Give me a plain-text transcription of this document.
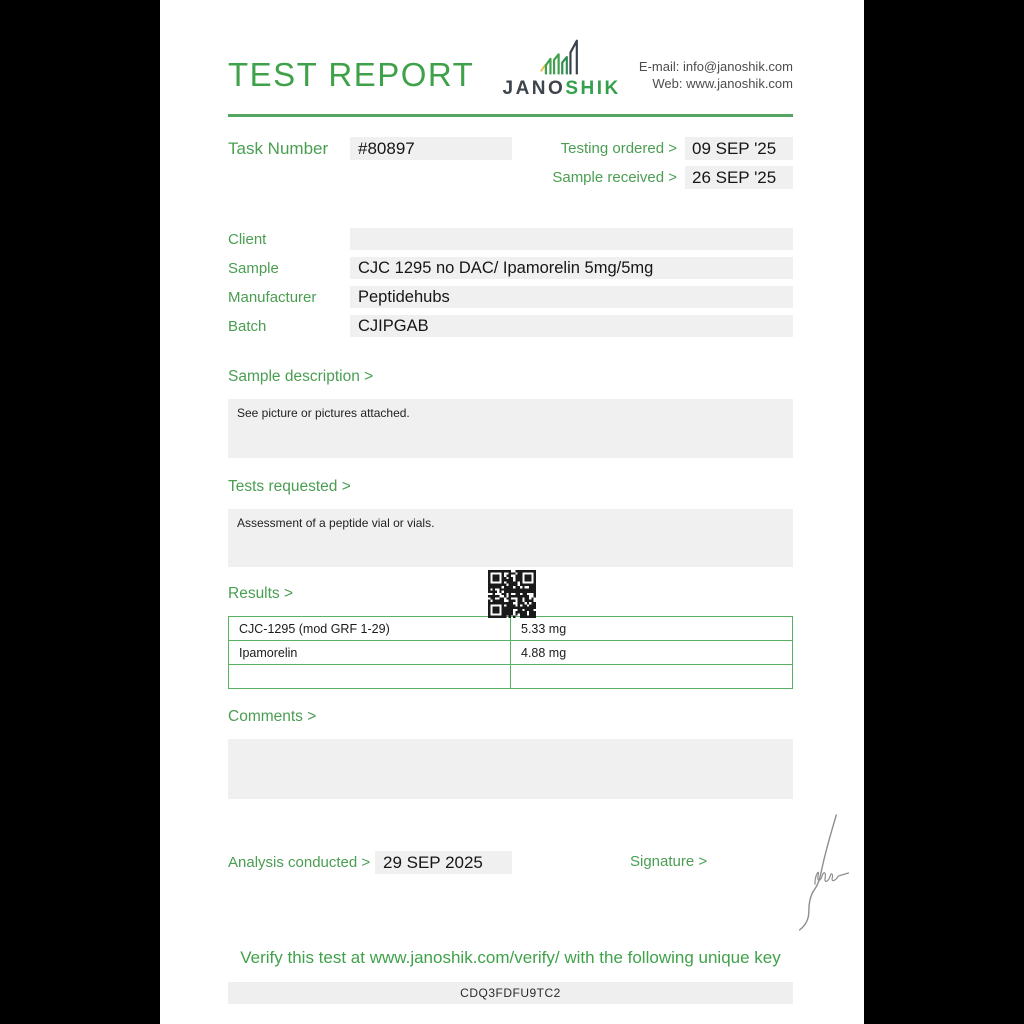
TEST REPORT JANOSHIK
E-mail: info@janoshik.com
Web: www.janoshik.com
Task Number	#80897	Testing ordered > 09 SEP '25
Sample received > 26 SEP '25
Client
Sample	CJC 1295 no DAC/ Ipamorelin 5mg/5mg
Manufacturer	Peptidehubs
Batch	CJIPGAB
Sample description >
See picture or pictures attached.
Tests requested >
Assessment of a peptide vial or vials.
Results >
CJC-1295 (mod GRF 1-29)	5.33 mg
Ipamorelin	4.88 mg

Comments >
Analysis conducted > 29 SEP 2025	Signature >
Verify this test at www.janoshik.com/verify/ with the following unique key
CDQ3FDFU9TC2
